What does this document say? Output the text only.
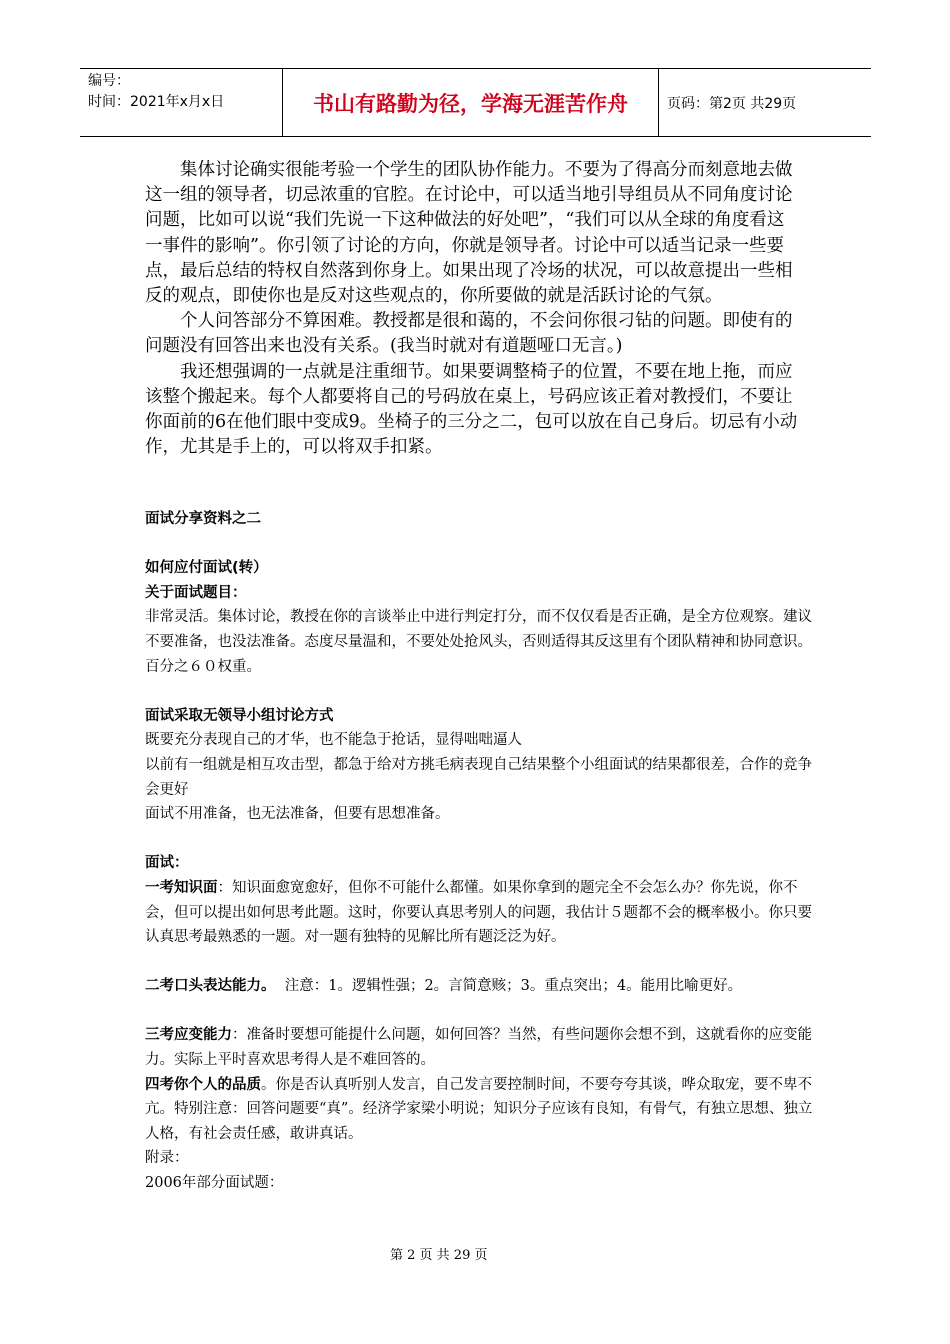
编号：
时间：2021年x月x日	书山有路勤为径，学海无涯苦作舟	页码：第2页 共29页

集体讨论确实很能考验一个学生的团队协作能力。不要为了得高分而刻意地去做这一组的领导者，切忌浓重的官腔。在讨论中，可以适当地引导组员从不同角度讨论问题，比如可以说“我们先说一下这种做法的好处吧”，“我们可以从全球的角度看这一事件的影响”。你引领了讨论的方向，你就是领导者。讨论中可以适当记录一些要点，最后总结的特权自然落到你身上。如果出现了冷场的状况，可以故意提出一些相反的观点，即使你也是反对这些观点的，你所要做的就是活跃讨论的气氛。

个人问答部分不算困难。教授都是很和蔼的，不会问你很刁钻的问题。即使有的问题没有回答出来也没有关系。(我当时就对有道题哑口无言。)

我还想强调的一点就是注重细节。如果要调整椅子的位置，不要在地上拖，而应该整个搬起来。每个人都要将自己的号码放在桌上，号码应该正着对教授们，不要让你面前的6在他们眼中变成9。坐椅子的三分之二，包可以放在自己身后。切忌有小动作，尤其是手上的，可以将双手扣紧。

面试分享资料之二

如何应付面试(转）

关于面试题目：

非常灵活。集体讨论，教授在你的言谈举止中进行判定打分，而不仅仅看是否正确，是全方位观察。建议不要准备，也没法准备。态度尽量温和，不要处处抢风头，否则适得其反这里有个团队精神和协同意识。百分之６０权重。

面试采取无领导小组讨论方式

既要充分表现自己的才华，也不能急于抢话，显得咄咄逼人

以前有一组就是相互攻击型，都急于给对方挑毛病表现自己结果整个小组面试的结果都很差，合作的竞争会更好

面试不用准备，也无法准备，但要有思想准备。

面试：

一考知识面：知识面愈宽愈好，但你不可能什么都懂。如果你拿到的题完全不会怎么办？你先说，你不会，但可以提出如何思考此题。这时，你要认真思考别人的问题，我估计５题都不会的概率极小。你只要认真思考最熟悉的一题。对一题有独特的见解比所有题泛泛为好。

二考口头表达能力。 注意：1。逻辑性强；2。言简意赅；3。重点突出；4。能用比喻更好。

三考应变能力：准备时要想可能提什么问题，如何回答？当然，有些问题你会想不到，这就看你的应变能力。实际上平时喜欢思考得人是不难回答的。

四考你个人的品质。你是否认真听别人发言，自己发言要控制时间，不要夸夸其谈，哗众取宠，要不卑不亢。特别注意：回答问题要“真”。经济学家梁小明说；知识分子应该有良知，有骨气，有独立思想、独立人格，有社会责任感，敢讲真话。

附录：

2006年部分面试题：

第 2 页 共 29 页
